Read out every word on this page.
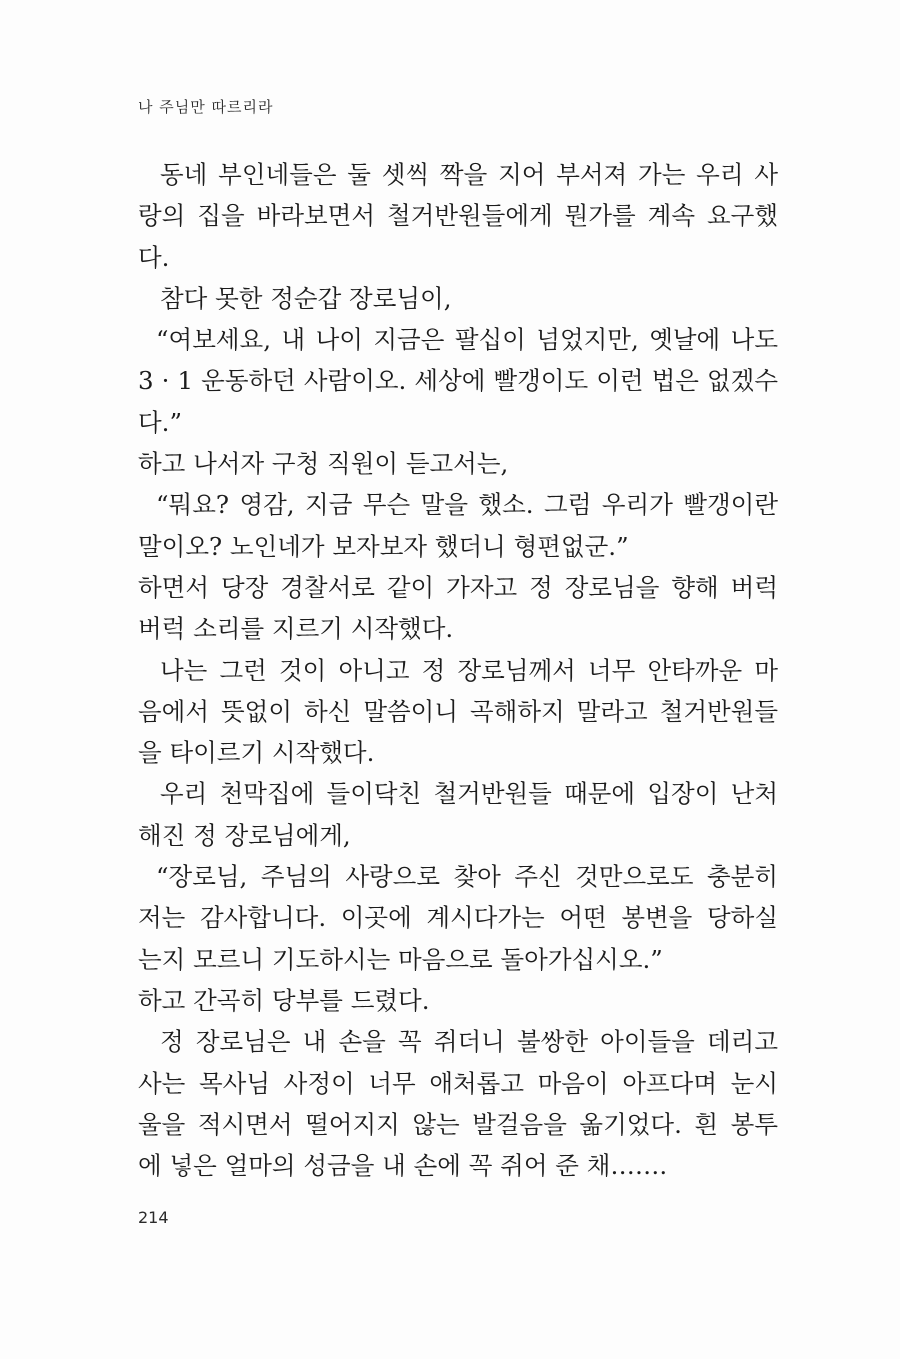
나 주님만 따르리라
동네 부인네들은 둘 셋씩 짝을 지어 부서져 가는 우리 사
랑의 집을 바라보면서 철거반원들에게 뭔가를 계속 요구했
다.
참다 못한 정순갑 장로님이,
“여보세요, 내 나이 지금은 팔십이 넘었지만, 옛날에 나도
3 · 1 운동하던 사람이오. 세상에 빨갱이도 이런 법은 없겠수
다.”
하고 나서자 구청 직원이 듣고서는,
“뭐요? 영감, 지금 무슨 말을 했소. 그럼 우리가 빨갱이란
말이오? 노인네가 보자보자 했더니 형편없군.”
하면서 당장 경찰서로 같이 가자고 정 장로님을 향해 버럭
버럭 소리를 지르기 시작했다.
나는 그런 것이 아니고 정 장로님께서 너무 안타까운 마
음에서 뜻없이 하신 말씀이니 곡해하지 말라고 철거반원들
을 타이르기 시작했다.
우리 천막집에 들이닥친 철거반원들 때문에 입장이 난처
해진 정 장로님에게,
“장로님, 주님의 사랑으로 찾아 주신 것만으로도 충분히
저는 감사합니다. 이곳에 계시다가는 어떤 봉변을 당하실
는지 모르니 기도하시는 마음으로 돌아가십시오.”
하고 간곡히 당부를 드렸다.
정 장로님은 내 손을 꼭 쥐더니 불쌍한 아이들을 데리고
사는 목사님 사정이 너무 애처롭고 마음이 아프다며 눈시
울을 적시면서 떨어지지 않는 발걸음을 옮기었다. 흰 봉투
에 넣은 얼마의 성금을 내 손에 꼭 쥐어 준 채…….
214
